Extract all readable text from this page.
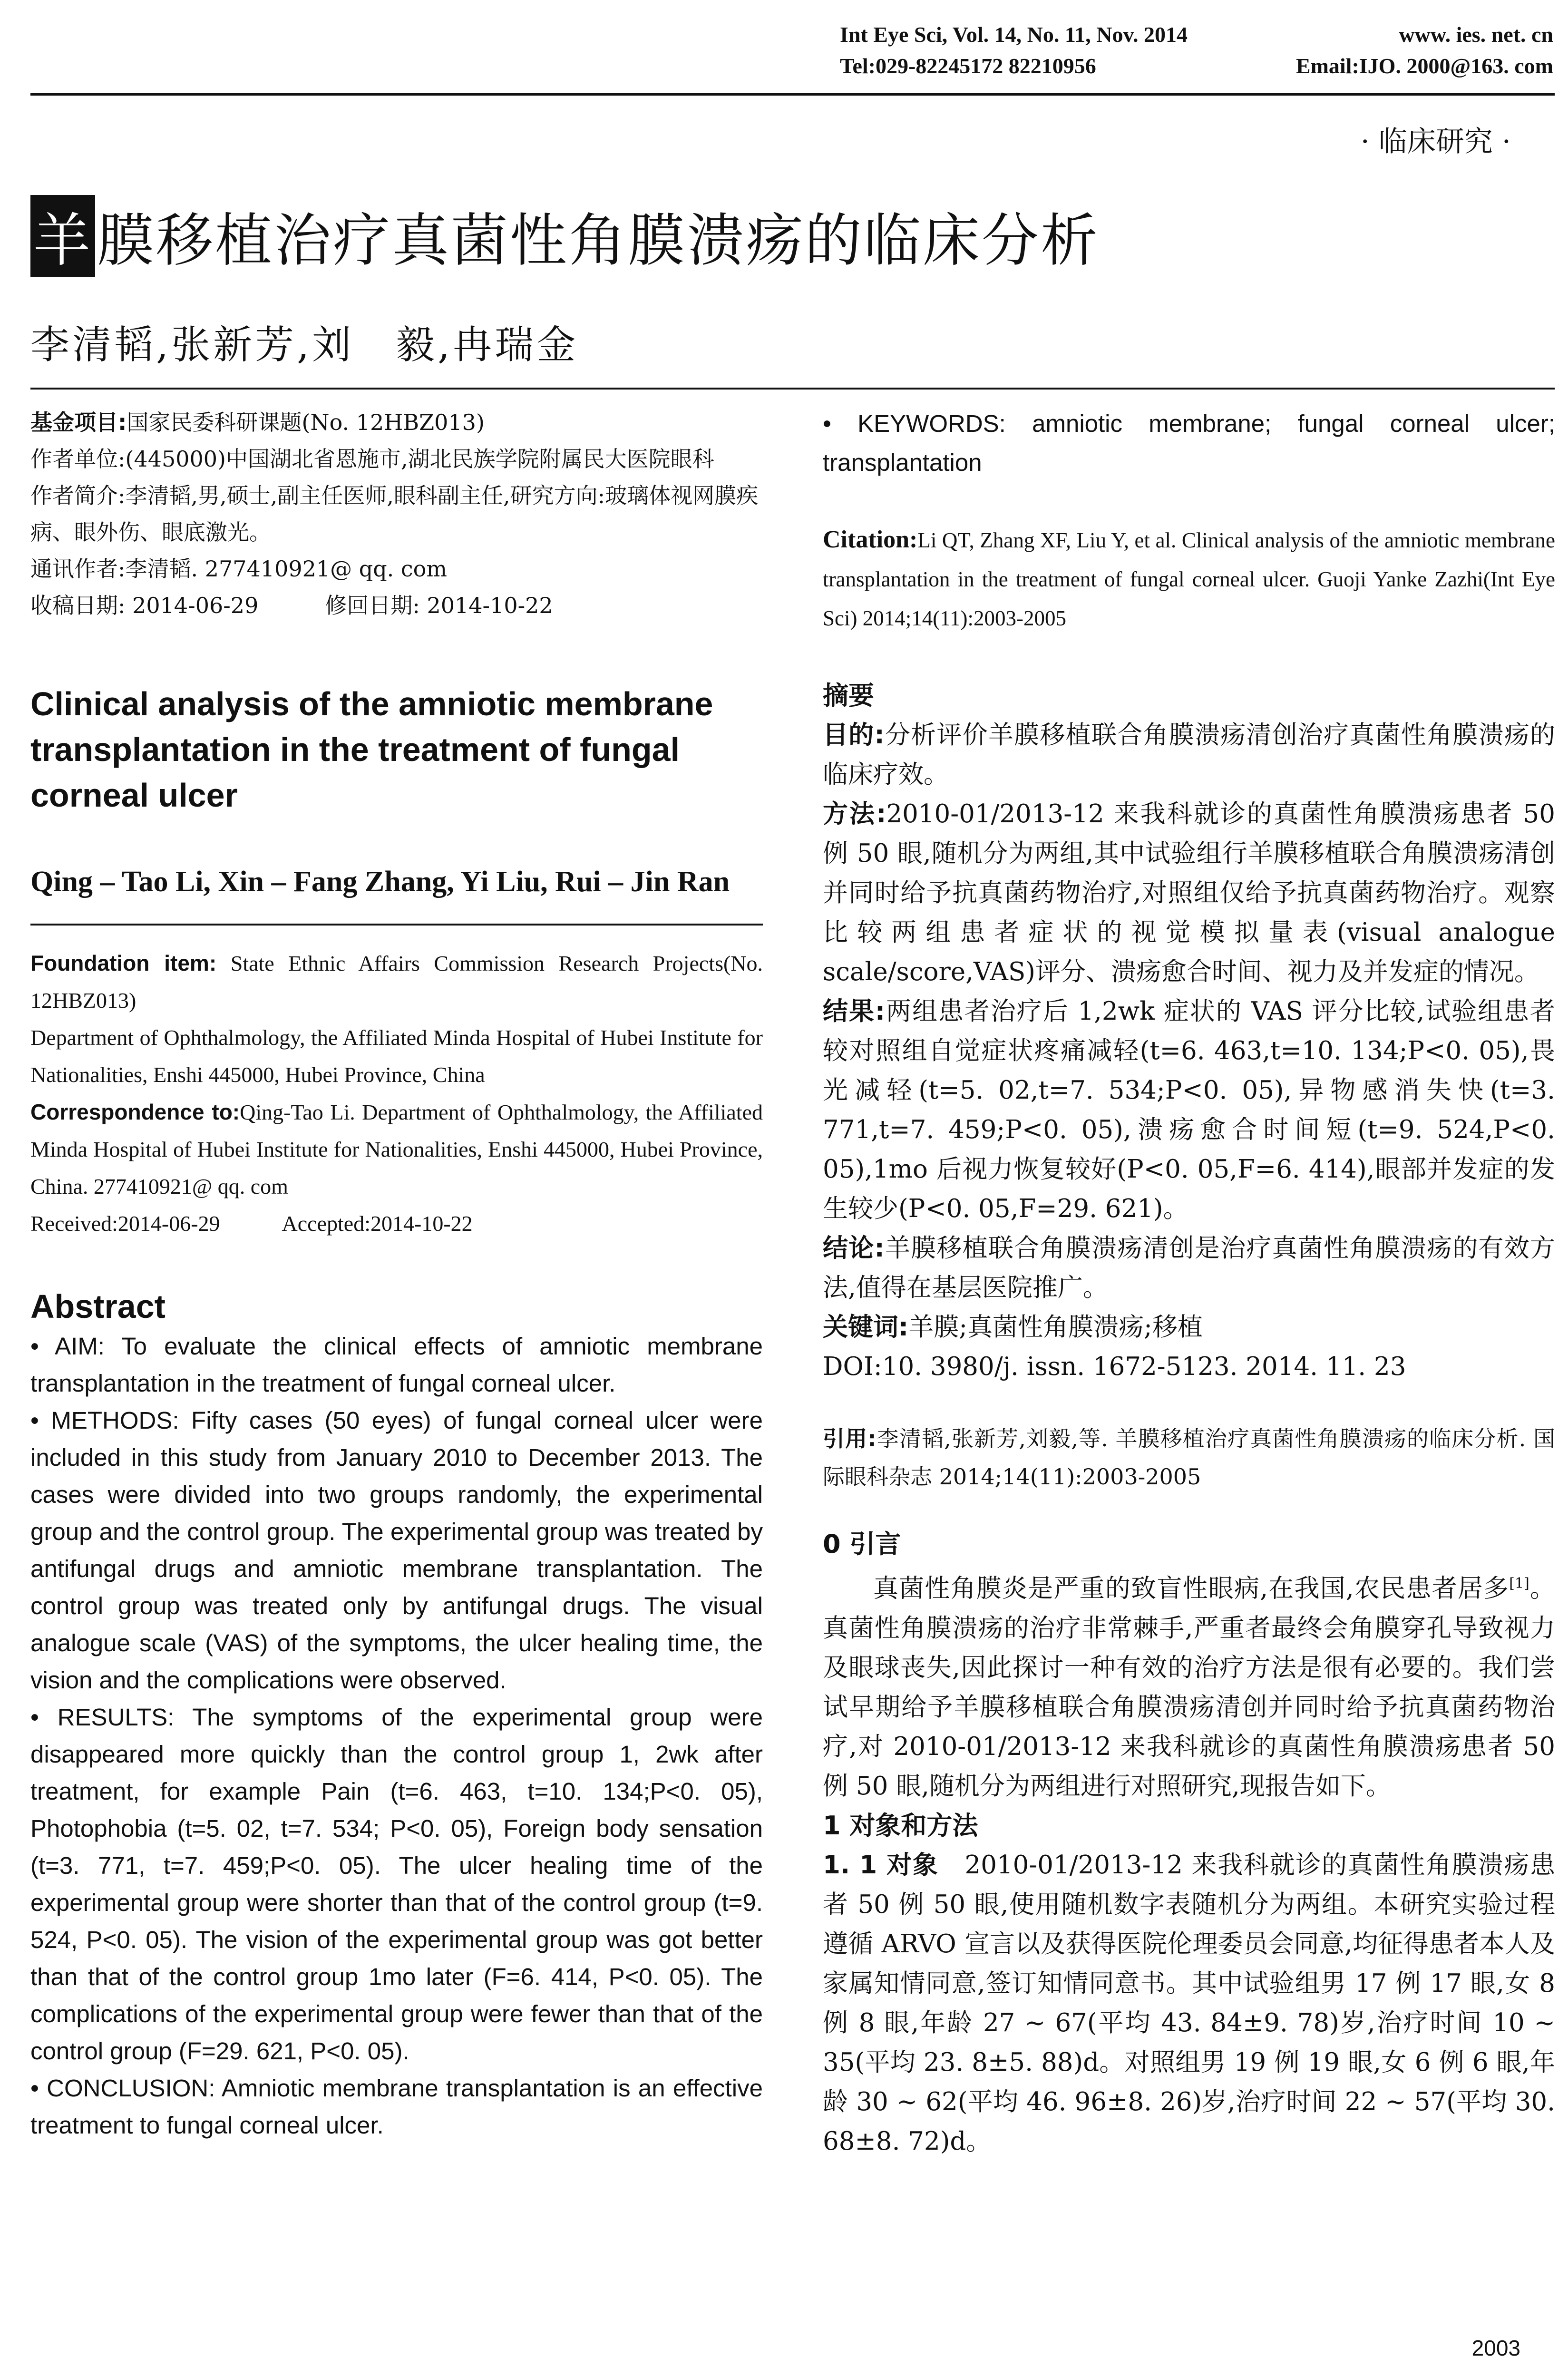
Int Eye Sci, Vol. 14, No. 11, Nov. 2014	www. ies. net. cn
Tel:029-82245172 82210956	Email:IJO. 2000@163. com
· 临床研究 ·
羊 膜移植治疗真菌性角膜溃疡的临床分析
李清韬,张新芳,刘　毅,冉瑞金
基金项目:国家民委科研课题(No. 12HBZ013)
作者单位:(445000)中国湖北省恩施市,湖北民族学院附属民大医院眼科
作者简介:李清韬,男,硕士,副主任医师,眼科副主任,研究方向:玻璃体视网膜疾病、眼外伤、眼底激光。
通讯作者:李清韬. 277410921@ qq. com
收稿日期: 2014-06-29	修回日期: 2014-10-22
Clinical analysis of the amniotic membrane transplantation in the treatment of fungal corneal ulcer
Qing – Tao Li, Xin – Fang Zhang, Yi Liu, Rui – Jin Ran
Foundation item: State Ethnic Affairs Commission Research Projects(No. 12HBZ013)
Department of Ophthalmology, the Affiliated Minda Hospital of Hubei Institute for Nationalities, Enshi 445000, Hubei Province, China
Correspondence to:Qing-Tao Li. Department of Ophthalmology, the Affiliated Minda Hospital of Hubei Institute for Nationalities, Enshi 445000, Hubei Province, China. 277410921@ qq. com
Received:2014-06-29	Accepted:2014-10-22
Abstract

• AIM: To evaluate the clinical effects of amniotic membrane transplantation in the treatment of fungal corneal ulcer.

• METHODS: Fifty cases (50 eyes) of fungal corneal ulcer were included in this study from January 2010 to December 2013. The cases were divided into two groups randomly, the experimental group and the control group. The experimental group was treated by antifungal drugs and amniotic membrane transplantation. The control group was treated only by antifungal drugs. The visual analogue scale (VAS) of the symptoms, the ulcer healing time, the vision and the complications were observed.

• RESULTS: The symptoms of the experimental group were disappeared more quickly than the control group 1, 2wk after treatment, for example Pain (t=6. 463, t=10. 134;P<0. 05), Photophobia (t=5. 02, t=7. 534; P<0. 05), Foreign body sensation (t=3. 771, t=7. 459;P<0. 05). The ulcer healing time of the experimental group were shorter than that of the control group (t=9. 524, P<0. 05). The vision of the experimental group was got better than that of the control group 1mo later (F=6. 414, P<0. 05). The complications of the experimental group were fewer than that of the control group (F=29. 621, P<0. 05).

• CONCLUSION: Amniotic membrane transplantation is an effective treatment to fungal corneal ulcer.

• KEYWORDS: amniotic membrane; fungal corneal ulcer; transplantation

Citation:Li QT, Zhang XF, Liu Y, et al. Clinical analysis of the amniotic membrane transplantation in the treatment of fungal corneal ulcer. Guoji Yanke Zazhi(Int Eye Sci) 2014;14(11):2003-2005
摘要
目的:分析评价羊膜移植联合角膜溃疡清创治疗真菌性角膜溃疡的临床疗效。
方法:2010-01/2013-12 来我科就诊的真菌性角膜溃疡患者 50 例 50 眼,随机分为两组,其中试验组行羊膜移植联合角膜溃疡清创并同时给予抗真菌药物治疗,对照组仅给予抗真菌药物治疗。观察比较两组患者症状的视觉模拟量表(visual analogue scale/score,VAS)评分、溃疡愈合时间、视力及并发症的情况。
结果:两组患者治疗后 1,2wk 症状的 VAS 评分比较,试验组患者较对照组自觉症状疼痛减轻(t=6. 463,t=10. 134;P<0. 05),畏光减轻(t=5. 02,t=7. 534;P<0. 05),异物感消失快(t=3. 771,t=7. 459;P<0. 05),溃疡愈合时间短(t=9. 524,P<0. 05),1mo 后视力恢复较好(P<0. 05,F=6. 414),眼部并发症的发生较少(P<0. 05,F=29. 621)。
结论:羊膜移植联合角膜溃疡清创是治疗真菌性角膜溃疡的有效方法,值得在基层医院推广。
关键词:羊膜;真菌性角膜溃疡;移植
DOI:10. 3980/j. issn. 1672-5123. 2014. 11. 23
引用:李清韬,张新芳,刘毅,等. 羊膜移植治疗真菌性角膜溃疡的临床分析. 国际眼科杂志 2014;14(11):2003-2005
0 引言
真菌性角膜炎是严重的致盲性眼病,在我国,农民患者居多[1]。真菌性角膜溃疡的治疗非常棘手,严重者最终会角膜穿孔导致视力及眼球丧失,因此探讨一种有效的治疗方法是很有必要的。我们尝试早期给予羊膜移植联合角膜溃疡清创并同时给予抗真菌药物治疗,对 2010-01/2013-12 来我科就诊的真菌性角膜溃疡患者 50 例 50 眼,随机分为两组进行对照研究,现报告如下。
1 对象和方法
1. 1 对象　 2010-01/2013-12 来我科就诊的真菌性角膜溃疡患者 50 例 50 眼,使用随机数字表随机分为两组。本研究实验过程遵循 ARVO 宣言以及获得医院伦理委员会同意,均征得患者本人及家属知情同意,签订知情同意书。其中试验组男 17 例 17 眼,女 8 例 8 眼,年龄 27 ~ 67(平均 43. 84±9. 78)岁,治疗时间 10 ~ 35(平均 23. 8±5. 88)d。对照组男 19 例 19 眼,女 6 例 6 眼,年龄 30 ~ 62(平均 46. 96±8. 26)岁,治疗时间 22 ~ 57(平均 30. 68±8. 72)d。
2003
